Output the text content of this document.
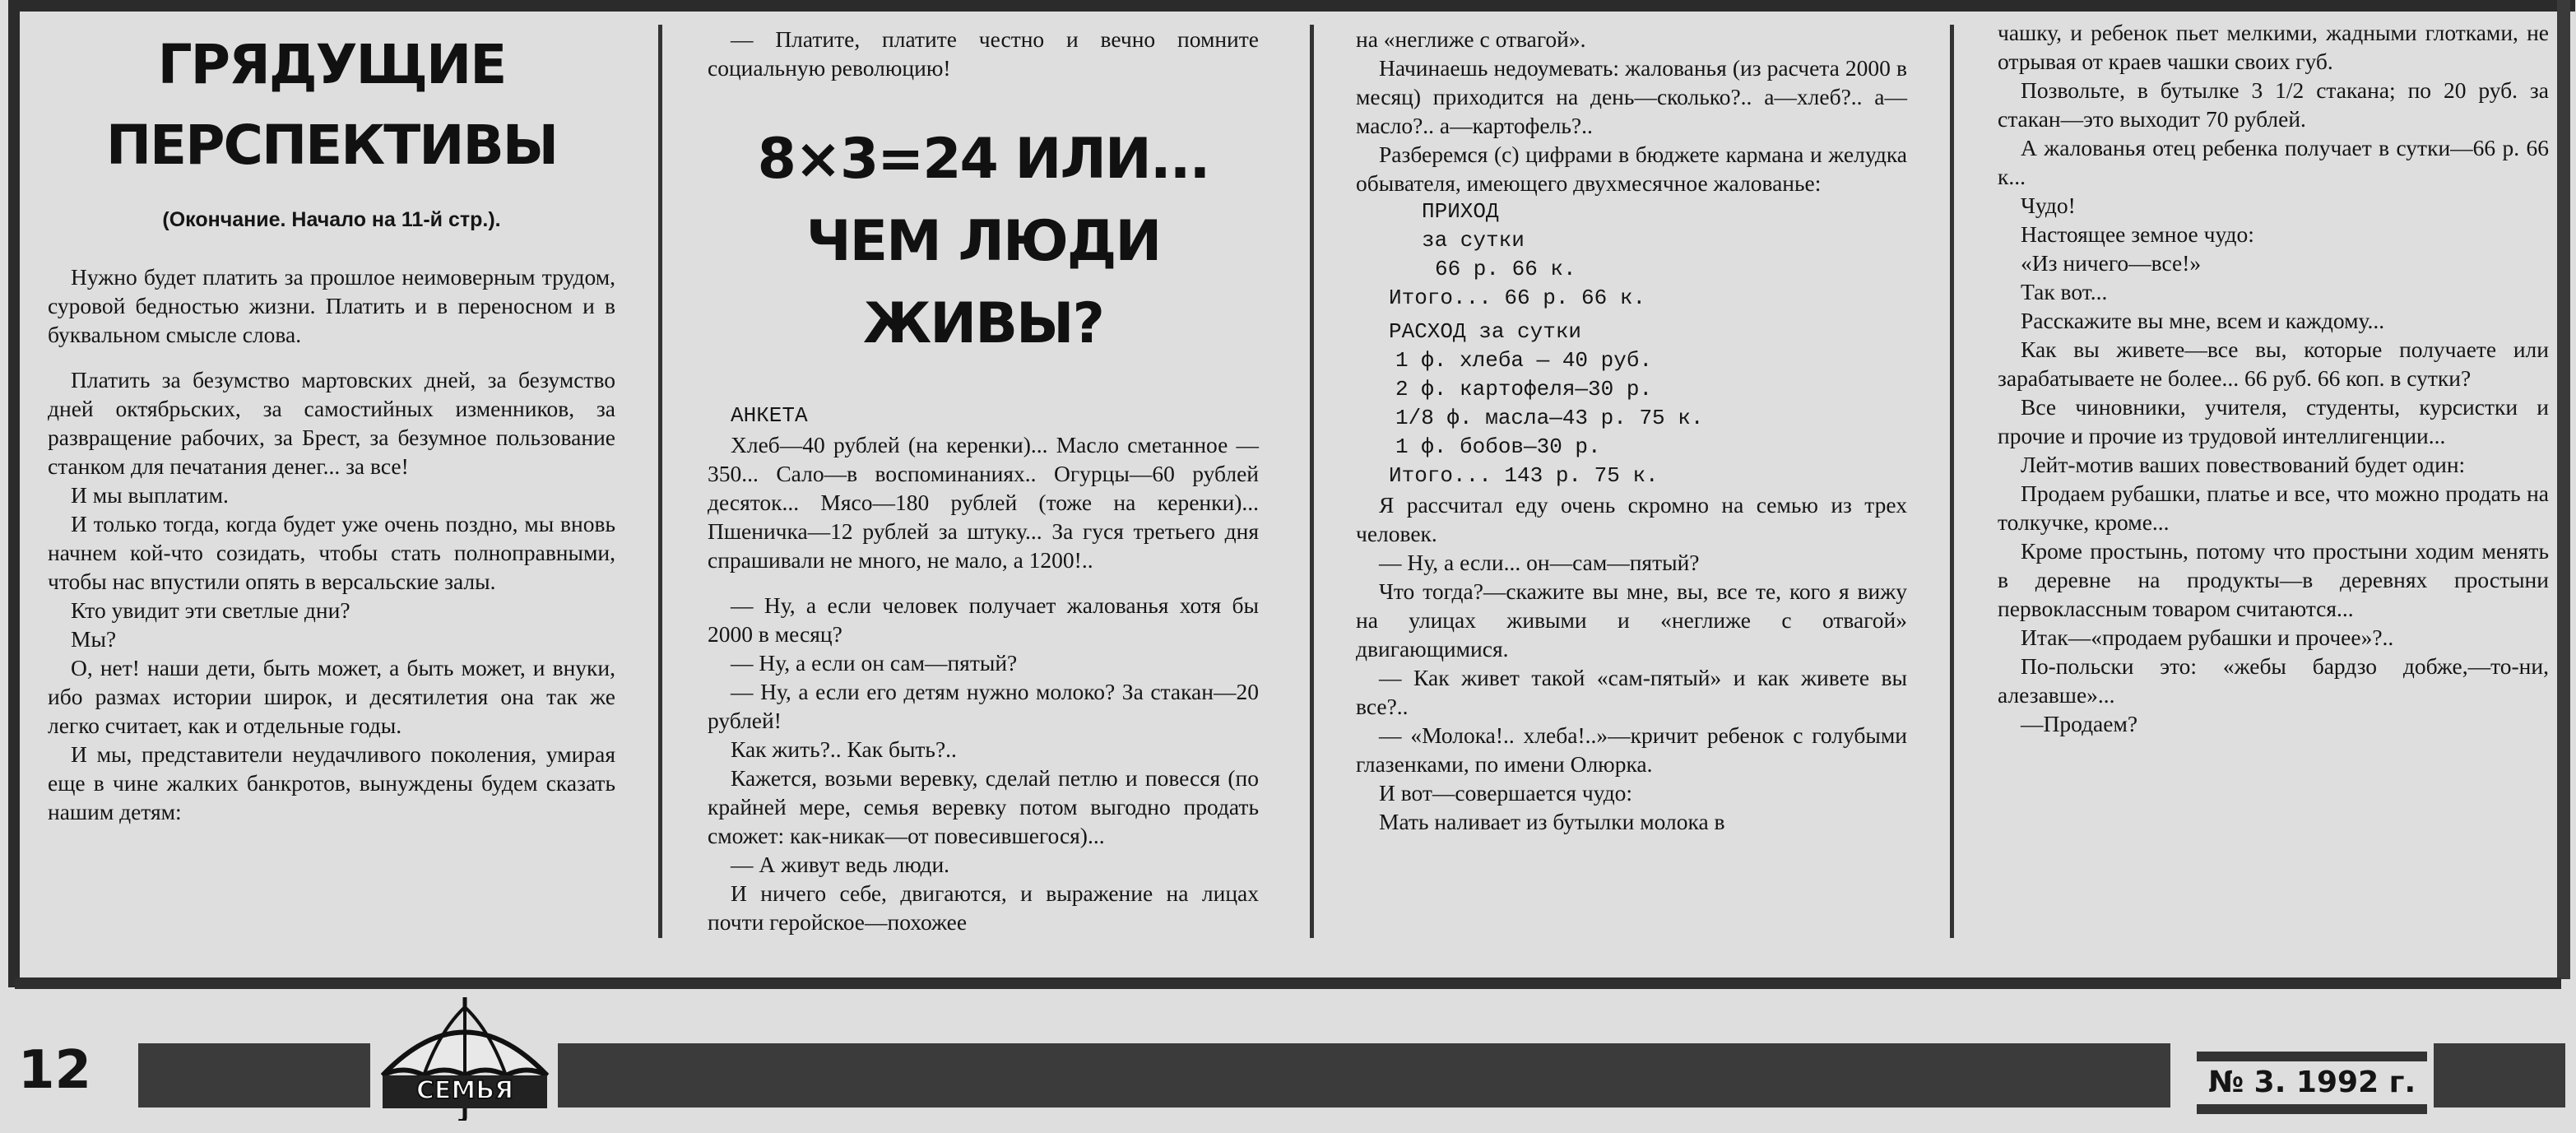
ГРЯДУЩИЕ
ПЕРСПЕКТИВЫ
(Окончание. Начало на 11-й стр.).

Нужно будет платить за прошлое неимоверным трудом, суровой бедностью жизни. Платить и в переносном и в буквальном смысле слова.

Платить за безумство мартовских дней, за безумство дней октябрьских, за самостийных изменников, за развращение рабочих, за Брест, за безумное пользование станком для печатания денег... за все!

И мы выплатим.

И только тогда, когда будет уже очень поздно, мы вновь начнем кой-что созидать, чтобы стать полноправными, чтобы нас впустили опять в версальские залы.

Кто увидит эти светлые дни?

Мы?

О, нет! наши дети, быть может, а быть может, и внуки, ибо размах истории широк, и десятилетия она так же легко считает, как и отдельные годы.

И мы, представители неудачливого поколения, умирая еще в чине жалких банкротов, вынуждены будем сказать нашим детям:

— Платите, платите честно и вечно помните социальную революцию!

8×3=24 ИЛИ...
ЧЕМ ЛЮДИ ЖИВЫ?

АНКЕТА

Хлеб—40 рублей (на керенки)... Масло сметанное — 350... Сало—в воспоминаниях.. Огурцы—60 рублей десяток... Мясо—180 рублей (тоже на керенки)... Пшеничка—12 рублей за штуку... За гуся третьего дня спрашивали не много, не мало, а 1200!..

— Ну, а если человек получает жалованья хотя бы 2000 в месяц?

— Ну, а если он сам—пятый?

— Ну, а если его детям нужно молоко? За стакан—20 рублей!

Как жить?.. Как быть?..

Кажется, возьми веревку, сделай петлю и повесся (по крайней мере, семья веревку потом выгодно продать сможет: как-никак—от повесившегося)...

— А живут ведь люди.

И ничего себе, двигаются, и выражение на лицах почти геройское—похожее

на «неглиже с отвагой».

Начинаешь недоумевать: жалованья (из расчета 2000 в месяц) приходится на день—сколько?.. а—хлеб?.. а—масло?.. а—картофель?..

Разберемся (с) цифрами в бюджете кармана и желудка обывателя, имеющего двухмесячное жалованье:

ПРИХОД
за сутки
66 р. 66 к.
Итого... 66 р. 66 к.
РАСХОД за сутки
1 ф. хлеба — 40 руб.
2 ф. картофеля—30 р.
1/8 ф. масла—43 р. 75 к.
1 ф. бобов—30 р.
Итого... 143 р. 75 к.

Я рассчитал еду очень скромно на семью из трех человек.

— Ну, а если... он—сам—пятый?

Что тогда?—скажите вы мне, вы, все те, кого я вижу на улицах живыми и «неглиже с отвагой» двигающимися.

— Как живет такой «сам-пятый» и как живете вы все?..

— «Молока!.. хлеба!..»—кричит ребенок с голубыми глазенками, по имени Олюрка.

И вот—совершается чудо:

Мать наливает из бутылки молока в

чашку, и ребенок пьет мелкими, жадными глотками, не отрывая от краев чашки своих губ.

Позвольте, в бутылке 3 1/2 стакана; по 20 руб. за стакан—это выходит 70 рублей.

А жалованья отец ребенка получает в сутки—66 р. 66 к...

Чудо!

Настоящее земное чудо:

«Из ничего—все!»

Так вот...

Расскажите вы мне, всем и каждому...

Как вы живете—все вы, которые получаете или зарабатываете не более... 66 руб. 66 коп. в сутки?

Все чиновники, учителя, студенты, курсистки и прочие и прочие из трудовой интеллигенции...

Лейт-мотив ваших повествований будет один:

Продаем рубашки, платье и все, что можно продать на толкучке, кроме...

Кроме простынь, потому что простыни ходим менять в деревне на продукты—в деревнях простыни первоклассным товаром считаются...

Итак—«продаем рубашки и прочее»?..

По-польски это: «жебы бардзо добже,—то-ни, алезавше»...

—Продаем?

12	СЕМЬЯ	№ 3. 1992 г.
